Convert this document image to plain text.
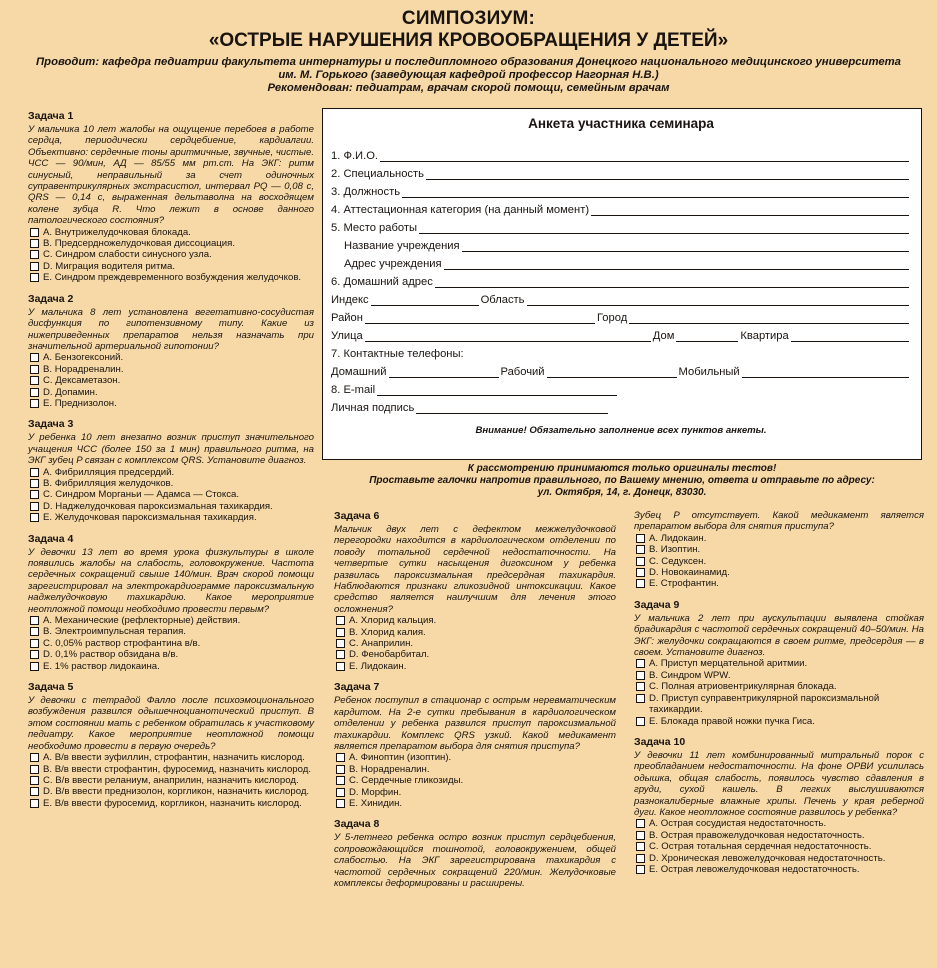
СИМПОЗИУМ:
«ОСТРЫЕ НАРУШЕНИЯ КРОВООБРАЩЕНИЯ У ДЕТЕЙ»
Проводит: кафедра педиатрии факультета интернатуры и последипломного образования Донецкого национального медицинского университета им. М. Горького (заведующая кафедрой профессор Нагорная Н.В.)
Рекомендован: педиатрам, врачам скорой помощи, семейным врачам
Задача 1
У мальчика 10 лет жалобы на ощущение перебоев в работе сердца, периодически сердцебиение, кардиалгии. Объективно: сердечные тоны аритмичные, звучные, чистые. ЧСС — 90/мин, АД — 85/55 мм рт.ст. На ЭКГ: ритм синусный, неправильный за счет одиночных суправентрикулярных экстрасистол, интервал PQ — 0,08 с, QRS — 0,14 с, выраженная дельтаволна на восходящем колене зубца R. Что лежит в основе данного патологического состояния?
A. Внутрижелудочковая блокада.
B. Предсердножелудочковая диссоциация.
C. Синдром слабости синусного узла.
D. Миграция водителя ритма.
E. Синдром преждевременного возбуждения желудочков.
Задача 2
У мальчика 8 лет установлена вегетативно-сосудистая дисфункция по гипотензивному типу. Какие из нижеприведенных препаратов нельзя назначать при значительной артериальной гипотонии?
A. Бензогексоний.
B. Норадреналин.
C. Дексаметазон.
D. Допамин.
E. Преднизолон.
Задача 3
У ребенка 10 лет внезапно возник приступ значительного учащения ЧСС (более 150 за 1 мин) правильного ритма, на ЭКГ зубец P связан с комплексом QRS. Установите диагноз.
A. Фибрилляция предсердий.
B. Фибрилляция желудочков.
C. Синдром Морганьи — Адамса — Стокса.
D. Наджелудочковая пароксизмальная тахикардия.
E. Желудочковая пароксизмальная тахикардия.
Задача 4
У девочки 13 лет во время урока физкультуры в школе появились жалобы на слабость, головокружение. Частота сердечных сокращений свыше 140/мин. Врач скорой помощи зарегистрировал на электрокардиограмме пароксизмальную наджелудочковую тахикардию. Какое мероприятие неотложной помощи необходимо провести первым?
A. Механические (рефлекторные) действия.
B. Электроимпульсная терапия.
C. 0,05% раствор строфантина в/в.
D. 0,1% раствор обзидана в/в.
E. 1% раствор лидокаина.
Задача 5
У девочки с тетрадой Фалло после психоэмоционального возбуждения развился одышечноцианотический приступ. В этом состоянии мать с ребенком обратилась к участковому педиатру. Какое мероприятие неотложной помощи необходимо провести в первую очередь?
A. В/в ввести эуфиллин, строфантин, назначить кислород.
B. В/в ввести строфантин, фуросемид, назначить кислород.
C. В/в ввести реланиум, анаприлин, назначить кислород.
D. В/в ввести преднизолон, коргликон, назначить кислород.
E. В/в ввести фуросемид, коргликон, назначить кислород.
Анкета участника семинара
1. Ф.И.О.
2. Специальность
3. Должность
4. Аттестационная категория (на данный момент)
5. Место работы
Название учреждения
Адрес учреждения
6. Домашний адрес
Индекс	Область
Район	Город
Улица	Дом	Квартира
7. Контактные телефоны:
Домашний	Рабочий	Мобильный
8. E-mail
Личная подпись
Внимание! Обязательно заполнение всех пунктов анкеты.
К рассмотрению принимаются только оригиналы тестов!
Проставьте галочки напротив правильного, по Вашему мнению, ответа и отправьте по адресу:
ул. Октября, 14, г. Донецк, 83030.
Задача 6
Мальчик двух лет с дефектом межжелудочковой перегородки находится в кардиологическом отделении по поводу тотальной сердечной недостаточности. На четвертые сутки насыщения дигоксином у ребенка развилась пароксизмальная предсердная тахикардия. Наблюдаются признаки гликозидной интоксикации. Какое средство является наилучшим для лечения этого осложнения?
A. Хлорид кальция.
B. Хлорид калия.
C. Анаприлин.
D. Фенобарбитал.
E. Лидокаин.
Задача 7
Ребенок поступил в стационар с острым неревматическим кардитом. На 2-е сутки пребывания в кардиологическом отделении у ребенка развился приступ пароксизмальной тахикардии. Комплекс QRS узкий. Какой медикамент является препаратом выбора для снятия приступа?
A. Финоптин (изоптин).
B. Норадреналин.
C. Сердечные гликозиды.
D. Морфин.
E. Хинидин.
Задача 8
У 5-летнего ребенка остро возник приступ сердцебиения, сопровождающийся тошнотой, головокружением, общей слабостью. На ЭКГ зарегистрирована тахикардия с частотой сердечных сокращений 220/мин. Желудочковые комплексы деформированы и расширены.
Зубец P отсутствует. Какой медикамент является препаратом выбора для снятия приступа?
A. Лидокаин.
B. Изоптин.
C. Седуксен.
D. Новокаинамид.
E. Строфантин.
Задача 9
У мальчика 2 лет при аускультации выявлена стойкая брадикардия с частотой сердечных сокращений 40–50/мин. На ЭКГ: желудочки сокращаются в своем ритме, предсердия — в своем. Установите диагноз.
A. Приступ мерцательной аритмии.
B. Синдром WPW.
C. Полная атриовентрикулярная блокада.
D. Приступ суправентрикулярной пароксизмальной тахикардии.
E. Блокада правой ножки пучка Гиса.
Задача 10
У девочки 11 лет комбинированный митральный порок с преобладанием недостаточности. На фоне ОРВИ усилилась одышка, общая слабость, появилось чувство сдавления в груди, сухой кашель. В легких выслушиваются разнокалиберные влажные хрипы. Печень у края реберной дуги. Какое неотложное состояние развилось у ребенка?
A. Острая сосудистая недостаточность.
B. Острая правожелудочковая недостаточность.
C. Острая тотальная сердечная недостаточность.
D. Хроническая левожелудочковая недостаточность.
E. Острая левожелудочковая недостаточность.
